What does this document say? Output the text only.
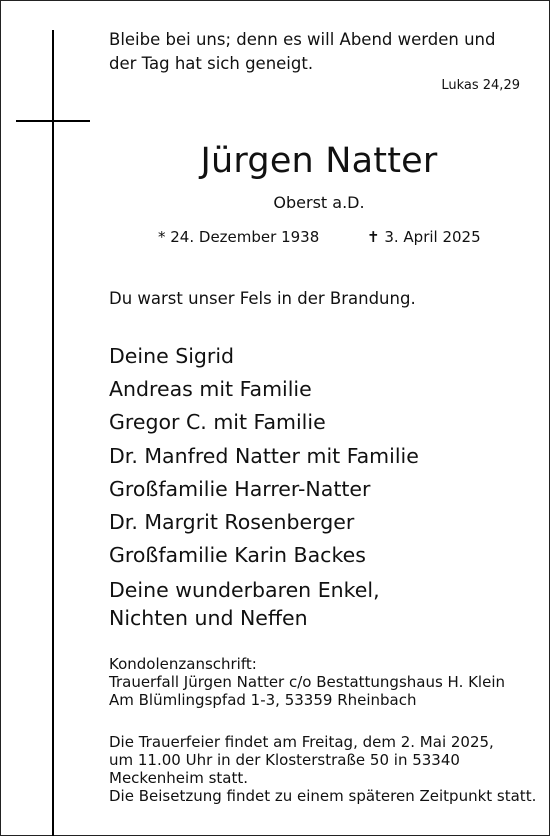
Bleibe bei uns; denn es will Abend werden und
der Tag hat sich geneigt.
Lukas 24,29
Jürgen Natter
Oberst a.D.
* 24. Dezember 1938	✝ 3. April 2025
Du warst unser Fels in der Brandung.
Deine Sigrid
Andreas mit Familie
Gregor C. mit Familie
Dr. Manfred Natter mit Familie
Großfamilie Harrer-Natter
Dr. Margrit Rosenberger
Großfamilie Karin Backes
Deine wunderbaren Enkel,
Nichten und Neffen
Kondolenzanschrift:
Trauerfall Jürgen Natter c/o Bestattungshaus H. Klein
Am Blümlingspfad 1-3, 53359 Rheinbach
Die Trauerfeier findet am Freitag, dem 2. Mai 2025,
um 11.00 Uhr in der Klosterstraße 50 in 53340
Meckenheim statt.
Die Beisetzung findet zu einem späteren Zeitpunkt statt.
